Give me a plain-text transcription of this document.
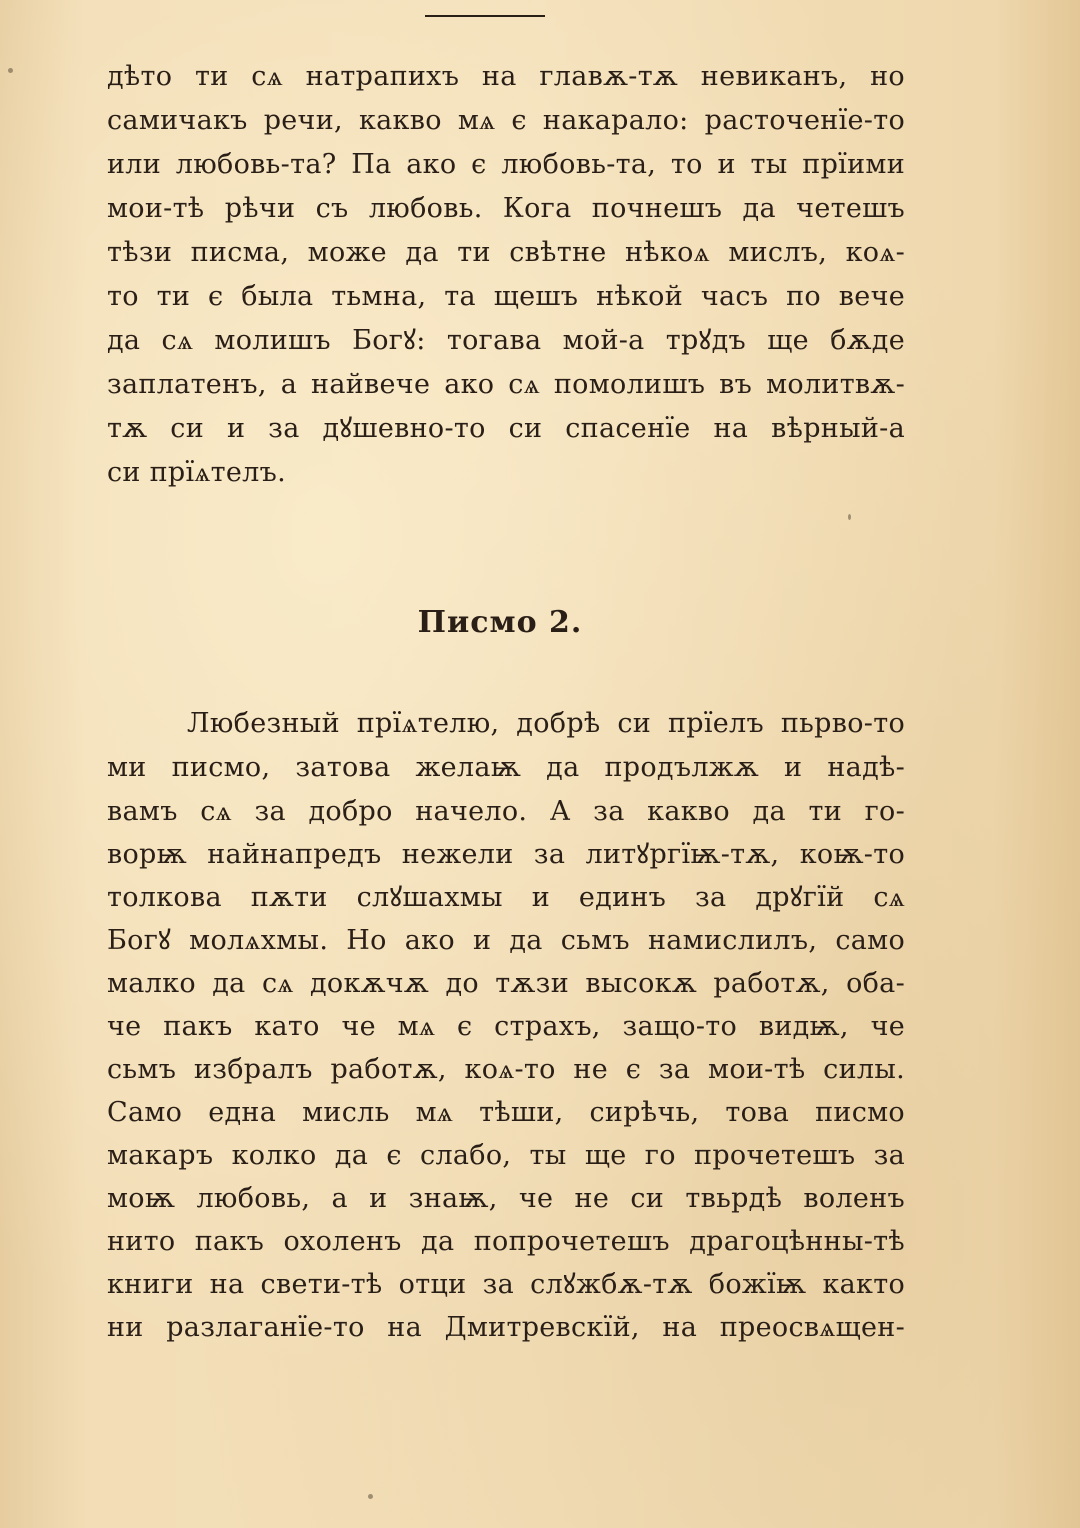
дѣто ти сѧ натрапихъ на главѫ-тѫ невиканъ, но
самичакъ речи, какво мѧ є накарало: расточенїе-то
или любовь-та? Па ако є любовь-та, то и ты прїими
мои-тѣ рѣчи съ любовь. Кога почнешъ да четешъ
тѣзи писма, може да ти свѣтне нѣкоѧ мислъ, коѧ-
то ти є была тьмна, та щешъ нѣкой часъ по вече
да сѧ молишъ Богꙋ: тогава мой-а трꙋдъ ще бѫде
заплатенъ, а найвече ако сѧ помолишъ въ молитвѫ-
тѫ си и за дꙋшевно-то си спасенїе на вѣрный-а
си прїѧтелъ.
Писмо 2.
Любезный прїѧтелю, добрѣ си прїелъ пьрво-то
ми писмо, затова желаѭ да продължѫ и надѣ-
вамъ сѧ за добро начело. А за какво да ти го-
ворѭ найнапредъ нежели за литꙋргїѭ-тѫ, коѭ-то
толкова пѫти слꙋшахмы и единъ за дрꙋгїй сѧ
Богꙋ молѧхмы. Но ако и да сьмъ намислилъ, само
малко да сѧ докѫчѫ до тѫзи высокѫ работѫ, оба-
че пакъ като че мѧ є страхъ, защо-то видѭ, че
сьмъ избралъ работѫ, коѧ-то не є за мои-тѣ силы.
Само една мисль мѧ тѣши, сирѣчь, това писмо
макаръ колко да є слабо, ты ще го прочетешъ за
моѭ любовь, а и знаѭ, че не си твьрдѣ воленъ
нито пакъ охоленъ да попрочетешъ драгоцѣнны-тѣ
книги на свети-тѣ отци за слꙋжбѫ-тѫ божїѭ както
ни разлаганїе-то на Дмитревскїй, на преосвѧщен-
